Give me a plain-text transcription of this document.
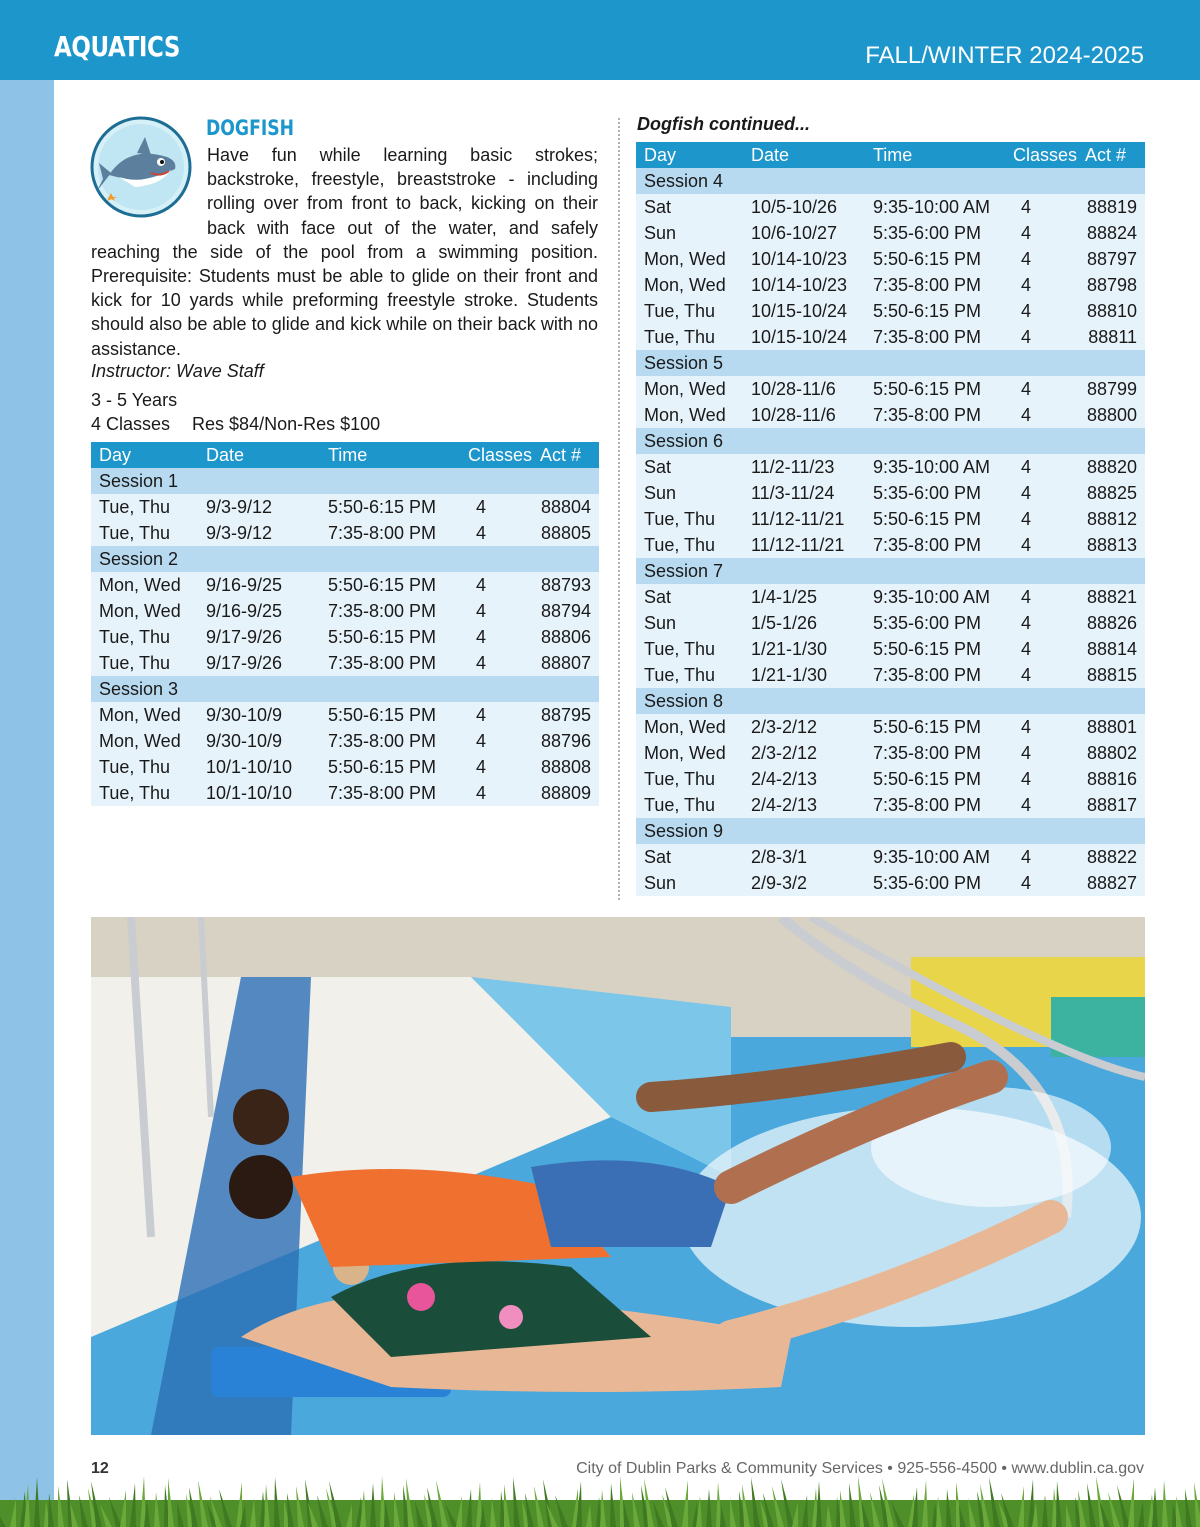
AQUATICS	FALL/WINTER 2024-2025
DOGFISH

Have fun while learning basic strokes; backstroke, freestyle, breaststroke - including rolling over from front to back, kicking on their back with face out of the water, and safely reaching the side of the pool from a swimming position. Prerequisite: Students must be able to glide on their front and kick for 10 yards while preforming freestyle stroke. Students should also be able to glide and kick while on their back with no assistance.

Instructor: Wave Staff
3 - 5 Years
4 Classes Res $84/Non-Res $100
Dogfish continued...
Day	Date	Time	Classes	Act #
Session 1				
Tue, Thu	9/3-9/12	5:50-6:15 PM	4	88804
Tue, Thu	9/3-9/12	7:35-8:00 PM	4	88805
Session 2				
Mon, Wed	9/16-9/25	5:50-6:15 PM	4	88793
Mon, Wed	9/16-9/25	7:35-8:00 PM	4	88794
Tue, Thu	9/17-9/26	5:50-6:15 PM	4	88806
Tue, Thu	9/17-9/26	7:35-8:00 PM	4	88807
Session 3				
Mon, Wed	9/30-10/9	5:50-6:15 PM	4	88795
Mon, Wed	9/30-10/9	7:35-8:00 PM	4	88796
Tue, Thu	10/1-10/10	5:50-6:15 PM	4	88808
Tue, Thu	10/1-10/10	7:35-8:00 PM	4	88809
Day	Date	Time	Classes	Act #
Session 4				
Sat	10/5-10/26	9:35-10:00 AM	4	88819
Sun	10/6-10/27	5:35-6:00 PM	4	88824
Mon, Wed	10/14-10/23	5:50-6:15 PM	4	88797
Mon, Wed	10/14-10/23	7:35-8:00 PM	4	88798
Tue, Thu	10/15-10/24	5:50-6:15 PM	4	88810
Tue, Thu	10/15-10/24	7:35-8:00 PM	4	88811
Session 5				
Mon, Wed	10/28-11/6	5:50-6:15 PM	4	88799
Mon, Wed	10/28-11/6	7:35-8:00 PM	4	88800
Session 6				
Sat	11/2-11/23	9:35-10:00 AM	4	88820
Sun	11/3-11/24	5:35-6:00 PM	4	88825
Tue, Thu	11/12-11/21	5:50-6:15 PM	4	88812
Tue, Thu	11/12-11/21	7:35-8:00 PM	4	88813
Session 7				
Sat	1/4-1/25	9:35-10:00 AM	4	88821
Sun	1/5-1/26	5:35-6:00 PM	4	88826
Tue, Thu	1/21-1/30	5:50-6:15 PM	4	88814
Tue, Thu	1/21-1/30	7:35-8:00 PM	4	88815
Session 8				
Mon, Wed	2/3-2/12	5:50-6:15 PM	4	88801
Mon, Wed	2/3-2/12	7:35-8:00 PM	4	88802
Tue, Thu	2/4-2/13	5:50-6:15 PM	4	88816
Tue, Thu	2/4-2/13	7:35-8:00 PM	4	88817
Session 9				
Sat	2/8-3/1	9:35-10:00 AM	4	88822
Sun	2/9-3/2	5:35-6:00 PM	4	88827
12	City of Dublin Parks & Community Services • 925-556-4500 • www.dublin.ca.gov
